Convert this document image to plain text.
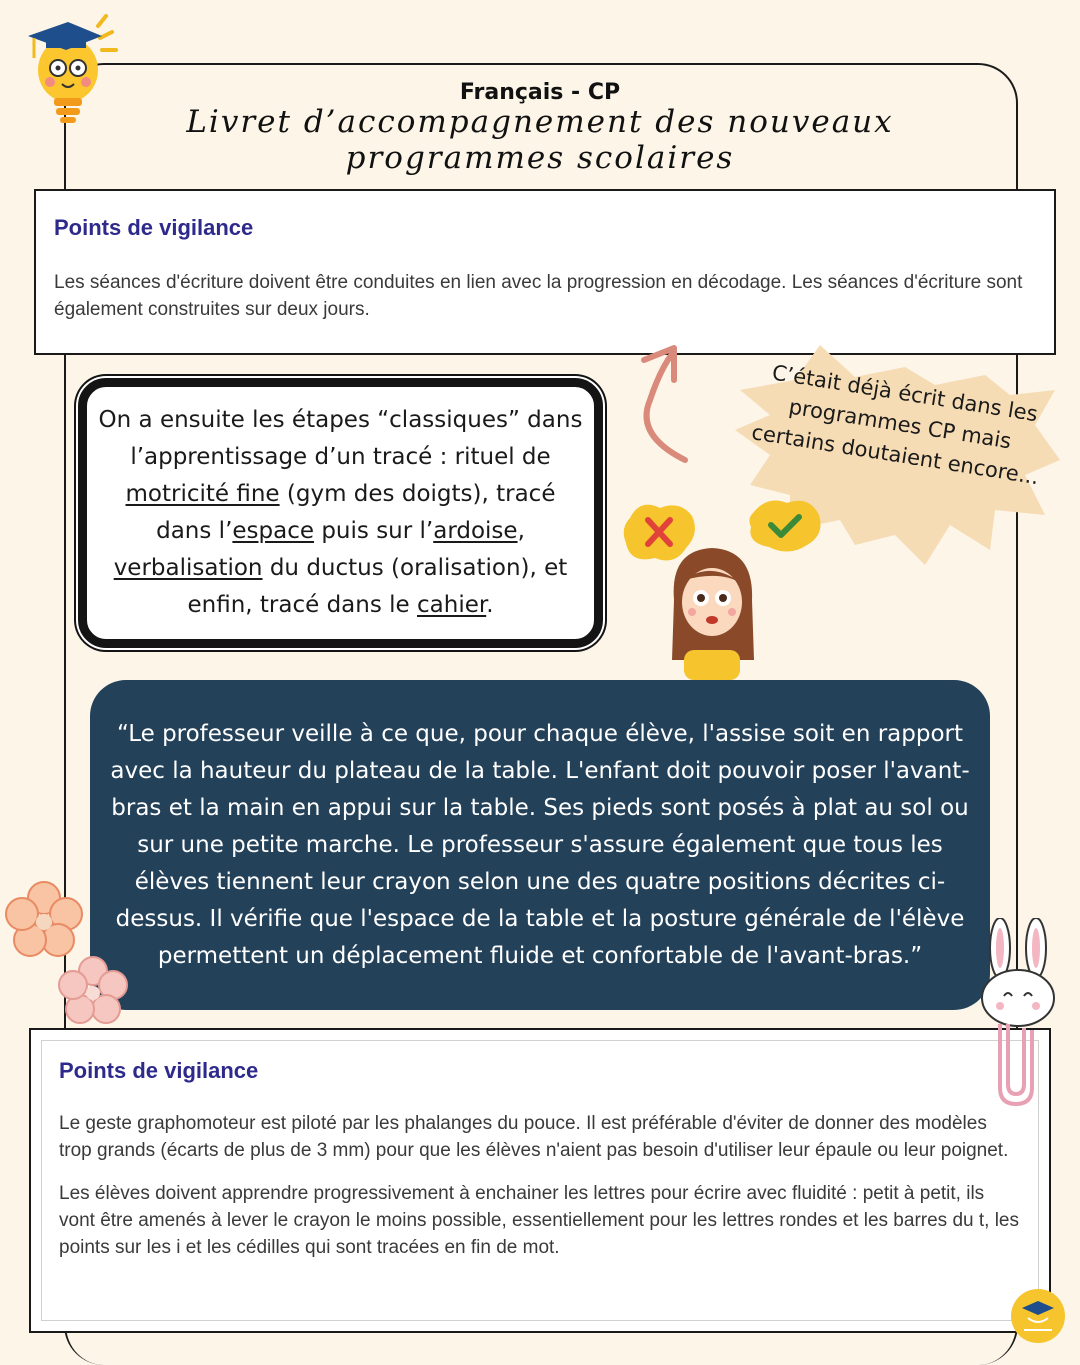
Français - CP
Livret d’accompagnement des nouveaux programmes scolaires
Points de vigilance

Les séances d'écriture doivent être conduites en lien avec la progression en décodage. Les séances d'écriture sont également construites sur deux jours.

On a ensuite les étapes “classiques” dans l’apprentissage d’un tracé : rituel de motricité fine (gym des doigts), tracé dans l’espace puis sur l’ardoise, verbalisation du ductus (oralisation), et enfin, tracé dans le cahier.
C’était déjà écrit dans les programmes CP mais certains doutaient encore...
“Le professeur veille à ce que, pour chaque élève, l'assise soit en rapport avec la hauteur du plateau de la table. L'enfant doit pouvoir poser l'avant-bras et la main en appui sur la table. Ses pieds sont posés à plat au sol ou sur une petite marche. Le professeur s'assure également que tous les élèves tiennent leur crayon selon une des quatre positions décrites ci-dessus. Il vérifie que l'espace de la table et la posture générale de l'élève permettent un déplacement fluide et confortable de l'avant-bras.”
Points de vigilance

Le geste graphomoteur est piloté par les phalanges du pouce. Il est préférable d'éviter de donner des modèles trop grands (écarts de plus de 3 mm) pour que les élèves n'aient pas besoin d'utiliser leur épaule ou leur poignet.

Les élèves doivent apprendre progressivement à enchainer les lettres pour écrire avec fluidité : petit à petit, ils vont être amenés à lever le crayon le moins possible, essentiellement pour les lettres rondes et les barres du t, les points sur les i et les cédilles qui sont tracées en fin de mot.
